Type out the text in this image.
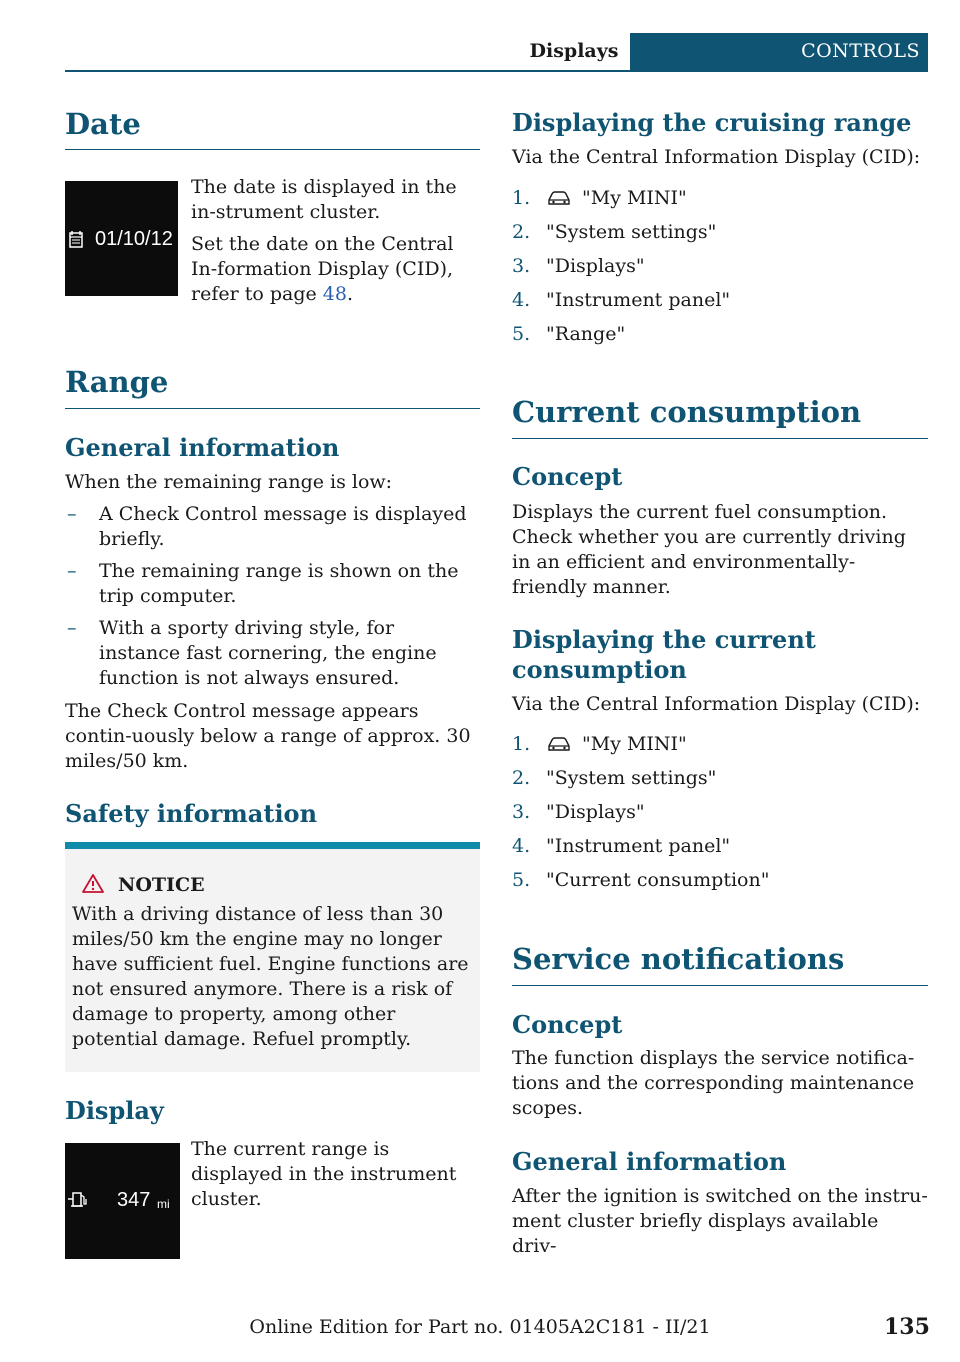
Displays	CONTROLS
Date
01/10/12

The date is displayed in the in-strument cluster.

Set the date on the Central In-formation Display (CID), refer to page 48.

Range
General information

When the remaining range is low:

– A Check Control message is displayed briefly.
– The remaining range is shown on the trip computer.
– With a sporty driving style, for instance fast cornering, the engine function is not always ensured.

The Check Control message appears contin-uously below a range of approx. 30 miles/50 km.

Safety information
NOTICE

With a driving distance of less than 30 miles/50 km the engine may no longer have sufficient fuel. Engine functions are not ensured anymore. There is a risk of damage to property, among other potential damage. Refuel promptly.

Display
347 mi

The current range is displayed in the instrument cluster.

Displaying the cruising range

Via the Central Information Display (CID):

1.	"My MINI"
2. "System settings"
3. "Displays"
4. "Instrument panel"
5. "Range"
Current consumption
Concept

Displays the current fuel consumption. Check whether you are currently driving in an efficient and environmentally-friendly manner.

Displaying the current consumption

Via the Central Information Display (CID):

1.	"My MINI"
2. "System settings"
3. "Displays"
4. "Instrument panel"
5. "Current consumption"
Service notifications
Concept

The function displays the service notifica-tions and the corresponding maintenance scopes.

General information

After the ignition is switched on the instru-ment cluster briefly displays available driv-

Online Edition for Part no. 01405A2C181 - II/21	135
